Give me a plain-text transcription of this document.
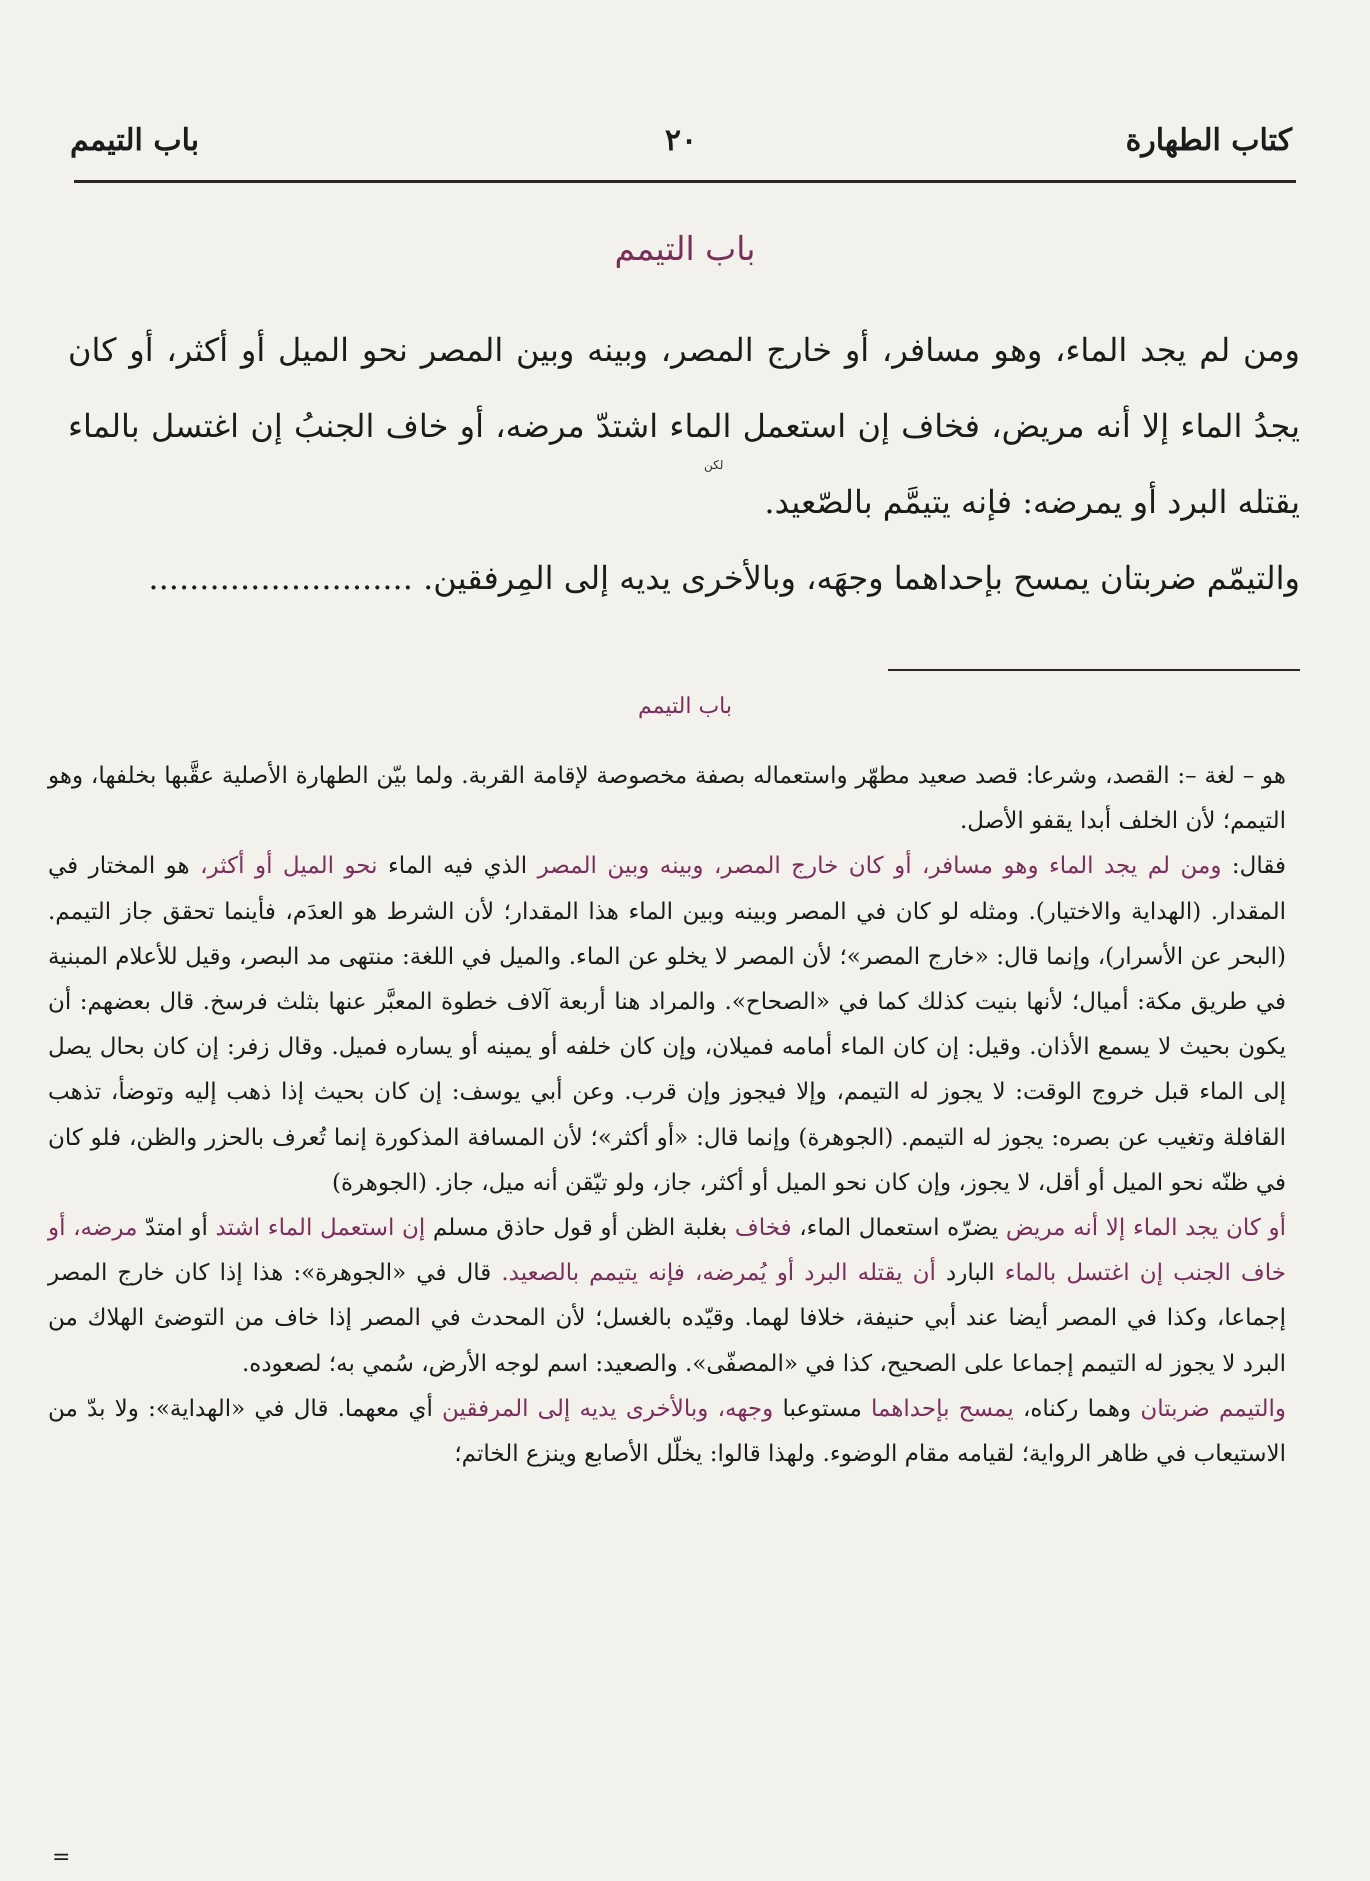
كتاب الطهارة
٢٠
باب التيمم
باب التيمم

ومن لم يجد الماء، وهو مسافر، أو خارج المصر، وبينه وبين المصر نحو الميل أو أكثر، أو كان يجدُ الماء إلا أنه مريض، فخاف إن استعمل الماء اشتدّ مرضه، أو خاف الجنبُ إن اغتسل بالماء يقتله البرد أو يمرضه: فإنه يتيمَّم بالصّعيد.

والتيمّم ضربتان يمسح بإحداهما وجهَه، وبالأخرى يديه إلى المِرفقين. ..........................

لكن
باب التيمم

هو – لغة –: القصد، وشرعا: قصد صعيد مطهّر واستعماله بصفة مخصوصة لإقامة القربة. ولما بيّن الطهارة الأصلية عقَّبها بخلفها، وهو التيمم؛ لأن الخلف أبدا يقفو الأصل.

فقال: ومن لم يجد الماء وهو مسافر، أو كان خارج المصر، وبينه وبين المصر الذي فيه الماء نحو الميل أو أكثر، هو المختار في المقدار. (الهداية والاختيار). ومثله لو كان في المصر وبينه وبين الماء هذا المقدار؛ لأن الشرط هو العدَم، فأينما تحقق جاز التيمم. (البحر عن الأسرار)، وإنما قال: «خارج المصر»؛ لأن المصر لا يخلو عن الماء. والميل في اللغة: منتهى مد البصر، وقيل للأعلام المبنية في طريق مكة: أميال؛ لأنها بنيت كذلك كما في «الصحاح». والمراد هنا أربعة آلاف خطوة المعبَّر عنها بثلث فرسخ. قال بعضهم: أن يكون بحيث لا يسمع الأذان. وقيل: إن كان الماء أمامه فميلان، وإن كان خلفه أو يمينه أو يساره فميل. وقال زفر: إن كان بحال يصل إلى الماء قبل خروج الوقت: لا يجوز له التيمم، وإلا فيجوز وإن قرب. وعن أبي يوسف: إن كان بحيث إذا ذهب إليه وتوضأ، تذهب القافلة وتغيب عن بصره: يجوز له التيمم. (الجوهرة) وإنما قال: «أو أكثر»؛ لأن المسافة المذكورة إنما تُعرف بالحزر والظن، فلو كان في ظنّه نحو الميل أو أقل، لا يجوز، وإن كان نحو الميل أو أكثر، جاز، ولو تيّقن أنه ميل، جاز. (الجوهرة)

أو كان يجد الماء إلا أنه مريض يضرّه استعمال الماء، فخاف بغلبة الظن أو قول حاذق مسلم إن استعمل الماء اشتد أو امتدّ مرضه، أو خاف الجنب إن اغتسل بالماء البارد أن يقتله البرد أو يُمرضه، فإنه يتيمم بالصعيد. قال في «الجوهرة»: هذا إذا كان خارج المصر إجماعا، وكذا في المصر أيضا عند أبي حنيفة، خلافا لهما. وقيّده بالغسل؛ لأن المحدث في المصر إذا خاف من التوضئ الهلاك من البرد لا يجوز له التيمم إجماعا على الصحيح، كذا في «المصفّى». والصعيد: اسم لوجه الأرض، سُمي به؛ لصعوده.

والتيمم ضربتان وهما ركناه، يمسح بإحداهما مستوعبا وجهه، وبالأخرى يديه إلى المرفقين أي معهما. قال في «الهداية»: ولا بدّ من الاستيعاب في ظاهر الرواية؛ لقيامه مقام الوضوء. ولهذا قالوا: يخلّل الأصابع وينزع الخاتم؛

=
